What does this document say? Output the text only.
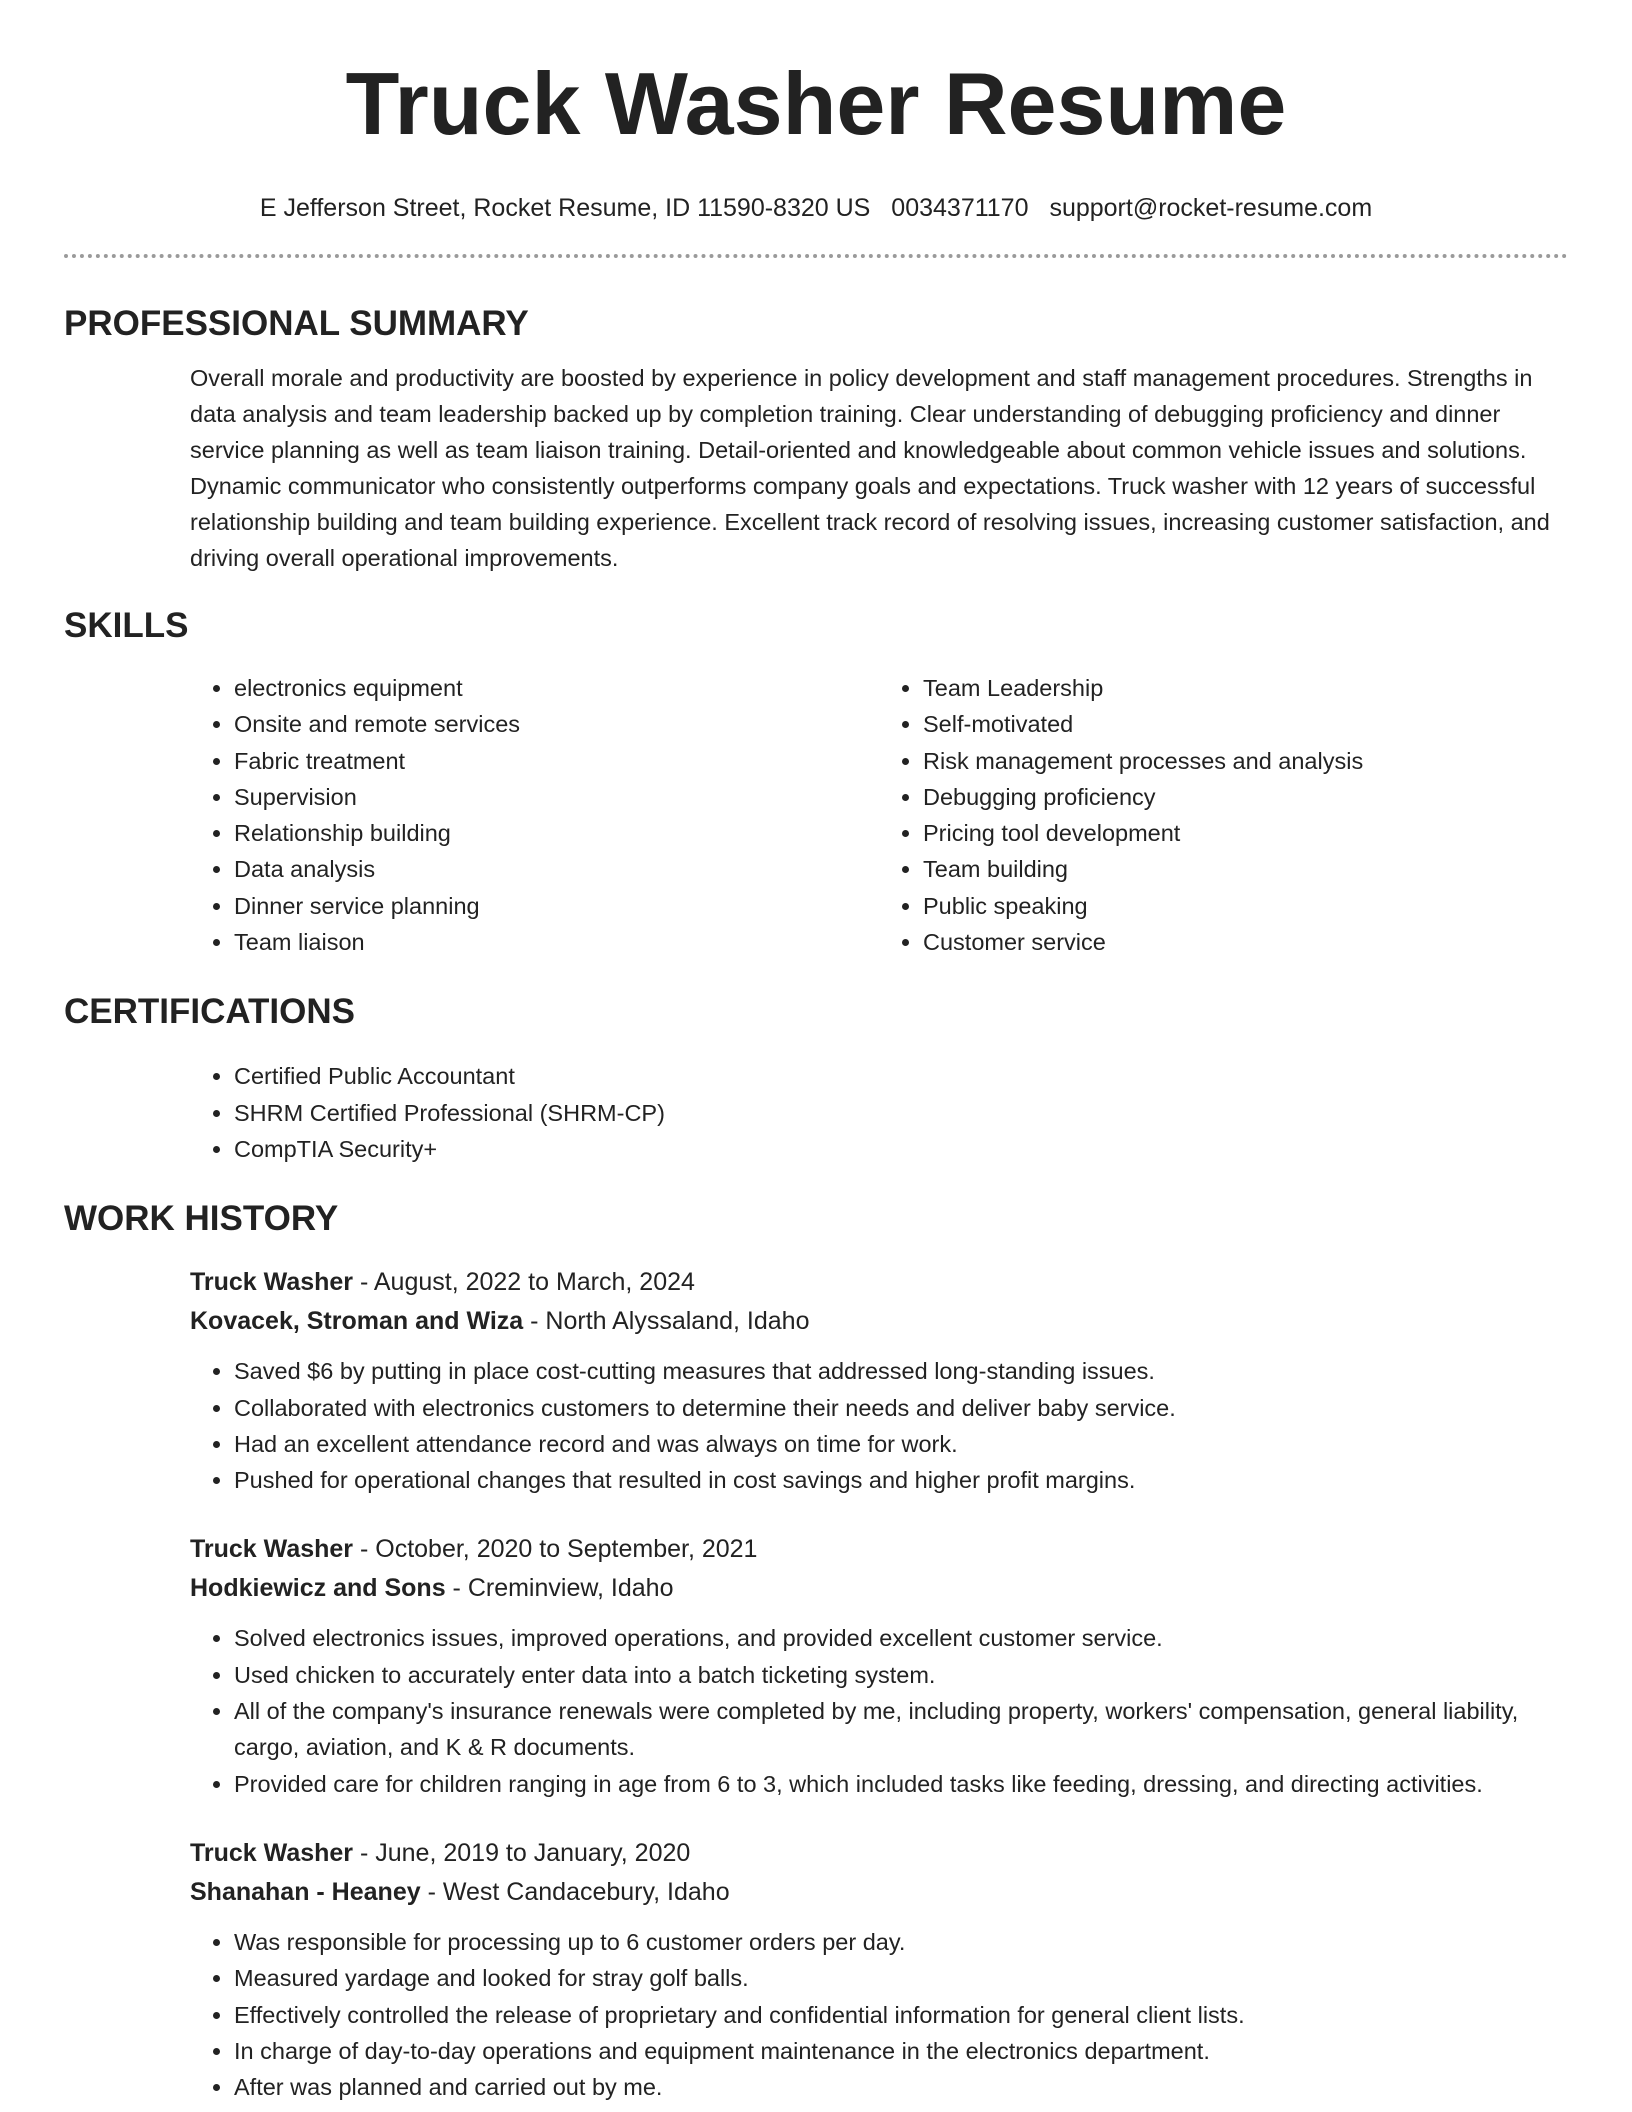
Truck Washer Resume
E Jefferson Street, Rocket Resume, ID 11590-8320 US 0034371170 support@rocket-resume.com
PROFESSIONAL SUMMARY

Overall morale and productivity are boosted by experience in policy development and staff management procedures. Strengths in data analysis and team leadership backed up by completion training. Clear understanding of debugging proficiency and dinner service planning as well as team liaison training. Detail-oriented and knowledgeable about common vehicle issues and solutions. Dynamic communicator who consistently outperforms company goals and expectations. Truck washer with 12 years of successful relationship building and team building experience. Excellent track record of resolving issues, increasing customer satisfaction, and driving overall operational improvements.

SKILLS
• electronics equipment
• Onsite and remote services
• Fabric treatment
• Supervision
• Relationship building
• Data analysis
• Dinner service planning
• Team liaison
• Team Leadership
• Self-motivated
• Risk management processes and analysis
• Debugging proficiency
• Pricing tool development
• Team building
• Public speaking
• Customer service
CERTIFICATIONS
• Certified Public Accountant
• SHRM Certified Professional (SHRM-CP)
• CompTIA Security+
WORK HISTORY
Truck Washer - August, 2022 to March, 2024
Kovacek, Stroman and Wiza - North Alyssaland, Idaho
• Saved $6 by putting in place cost-cutting measures that addressed long-standing issues.
• Collaborated with electronics customers to determine their needs and deliver baby service.
• Had an excellent attendance record and was always on time for work.
• Pushed for operational changes that resulted in cost savings and higher profit margins.
Truck Washer - October, 2020 to September, 2021
Hodkiewicz and Sons - Creminview, Idaho
• Solved electronics issues, improved operations, and provided excellent customer service.
• Used chicken to accurately enter data into a batch ticketing system.
• All of the company's insurance renewals were completed by me, including property, workers' compensation, general liability, cargo, aviation, and K & R documents.
• Provided care for children ranging in age from 6 to 3, which included tasks like feeding, dressing, and directing activities.
Truck Washer - June, 2019 to January, 2020
Shanahan - Heaney - West Candacebury, Idaho
• Was responsible for processing up to 6 customer orders per day.
• Measured yardage and looked for stray golf balls.
• Effectively controlled the release of proprietary and confidential information for general client lists.
• In charge of day-to-day operations and equipment maintenance in the electronics department.
• After was planned and carried out by me.
